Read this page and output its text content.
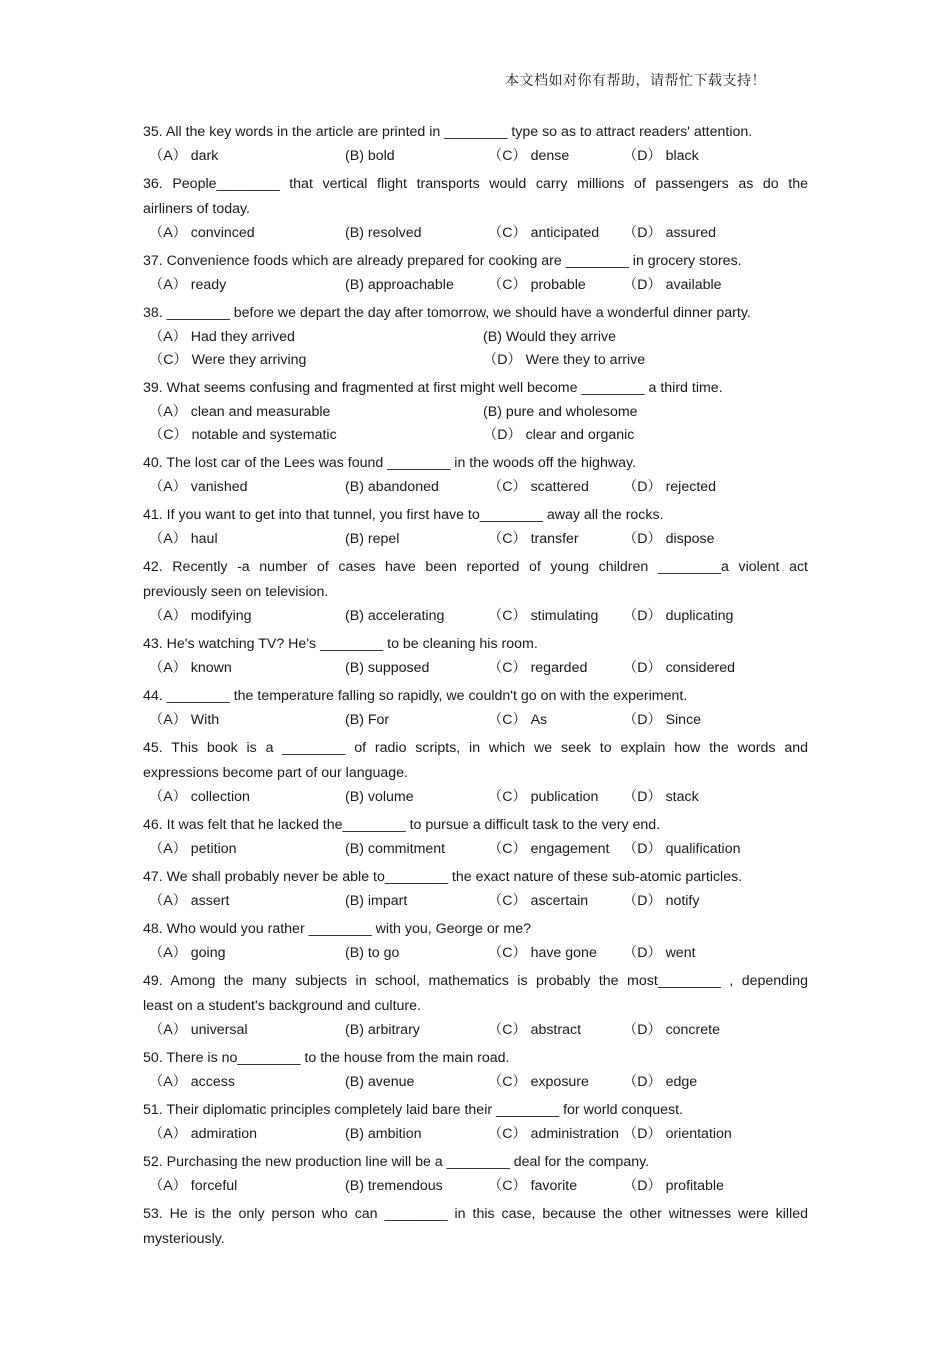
本文档如对你有帮助，请帮忙下载支持！
35. All the key words in the article are printed in ________ type so as to attract readers' attention.
（A） dark	(B) bold	（C） dense	（D） black
36. People________ that vertical flight transports would carry millions of passengers as do the
airliners of today.
（A） convinced	(B) resolved	（C） anticipated （D） assured
37. Convenience foods which are already prepared for cooking are ________ in grocery stores.
（A） ready	(B) approachable （C） probable	（D） available
38. ________ before we depart the day after tomorrow, we should have a wonderful dinner party.
（A） Had they arrived	(B) Would they arrive
（C） Were they arriving	（D） Were they to arrive
39. What seems confusing and fragmented at first might well become ________ a third time.
（A） clean and measurable	(B) pure and wholesome
（C） notable and systematic	（D） clear and organic
40. The lost car of the Lees was found ________ in the woods off the highway.
（A） vanished	(B) abandoned	（C） scattered （D） rejected
41. If you want to get into that tunnel, you first have to________ away all the rocks.
（A） haul	(B) repel	（C） transfer	（D） dispose
42. Recently -a number of cases have been reported of young children ________a violent act
previously seen on television.
（A） modifying	(B) accelerating	（C） stimulating （D） duplicating
43. He's watching TV? He's ________ to be cleaning his room.
（A） known	(B) supposed	（C） regarded	（D） considered
44. ________ the temperature falling so rapidly, we couldn't go on with the experiment.
（A） With	(B) For	（C） As	（D） Since
45. This book is a ________ of radio scripts, in which we seek to explain how the words and
expressions become part of our language.
（A） collection	(B) volume	（C） publication （D） stack
46. It was felt that he lacked the________ to pursue a difficult task to the very end.
（A） petition	(B) commitment	（C） engagement （D） qualification
47. We shall probably never be able to________ the exact nature of these sub-atomic particles.
（A） assert	(B) impart	（C） ascertain （D） notify
48. Who would you rather ________ with you, George or me?
（A） going	(B) to go	（C） have gone （D） went
49. Among the many subjects in school, mathematics is probably the most________ , depending
least on a student's background and culture.
（A） universal	(B) arbitrary	（C） abstract	（D） concrete
50. There is no________ to the house from the main road.
（A） access	(B) avenue	（C） exposure （D） edge
51. Their diplomatic principles completely laid bare their ________ for world conquest.
（A） admiration	(B) ambition	（C） administration （D） orientation
52. Purchasing the new production line will be a ________ deal for the company.
（A） forceful	(B) tremendous	（C） favorite	（D） profitable
53. He is the only person who can ________ in this case, because the other witnesses were killed
mysteriously.
